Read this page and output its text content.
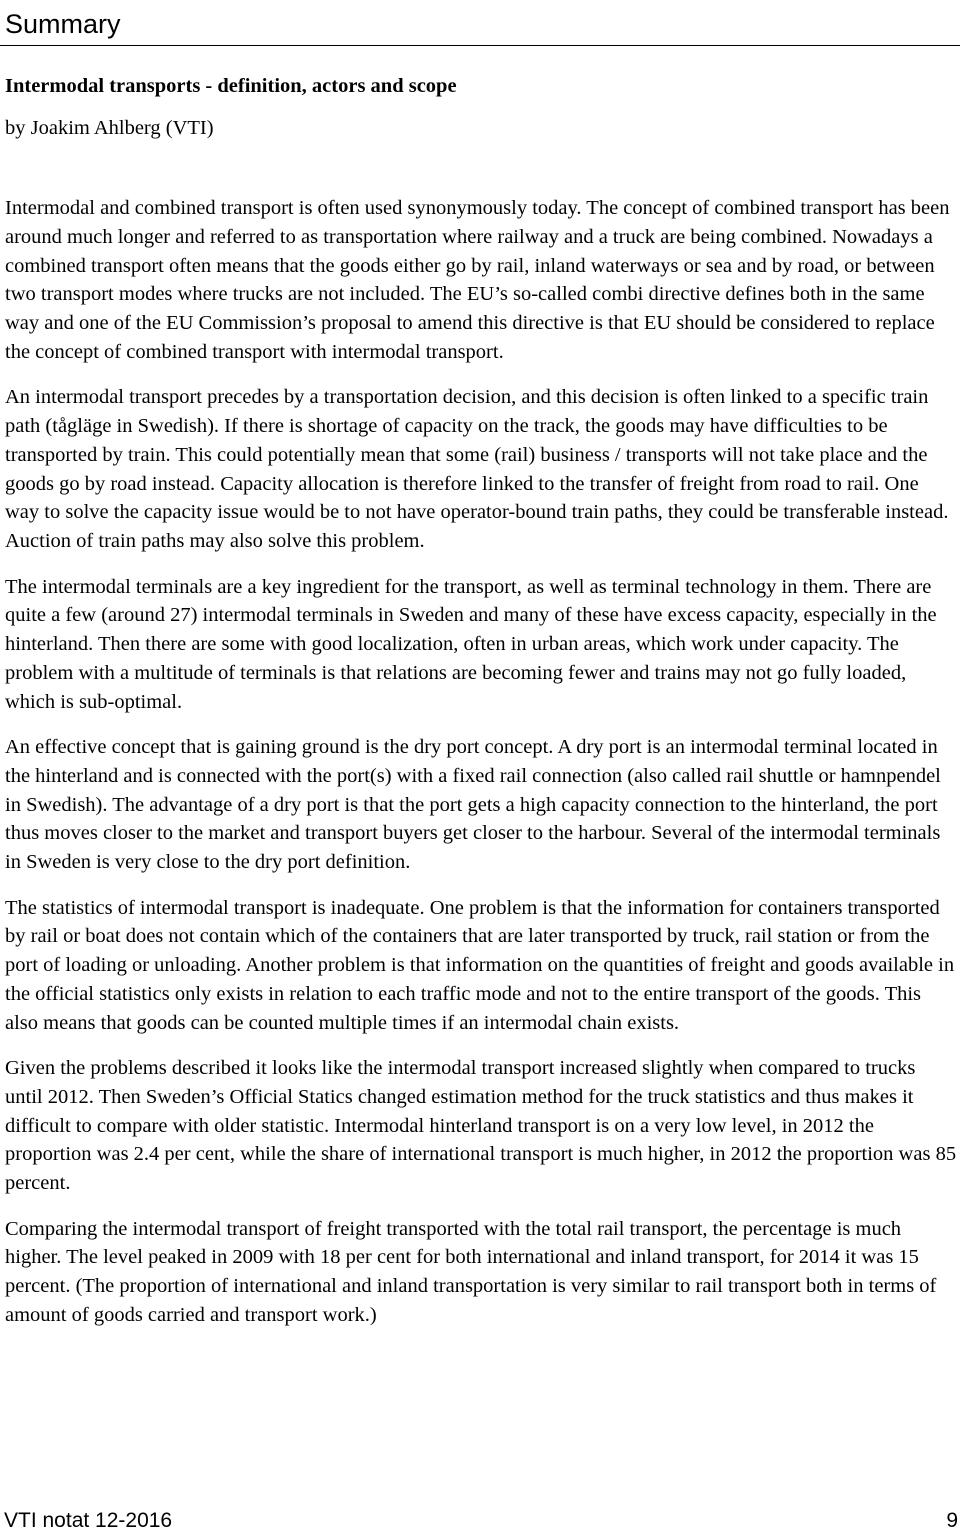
Summary
Intermodal transports - definition, actors and scope
by Joakim Ahlberg (VTI)

Intermodal and combined transport is often used synonymously today. The concept of combined transport has been around much longer and referred to as transportation where railway and a truck are being combined. Nowadays a combined transport often means that the goods either go by rail, inland waterways or sea and by road, or between two transport modes where trucks are not included. The EU’s so-called combi directive defines both in the same way and one of the EU Commission’s proposal to amend this directive is that EU should be considered to replace the concept of combined transport with intermodal transport.

An intermodal transport precedes by a transportation decision, and this decision is often linked to a specific train path (tågläge in Swedish). If there is shortage of capacity on the track, the goods may have difficulties to be transported by train. This could potentially mean that some (rail) business / transports will not take place and the goods go by road instead. Capacity allocation is therefore linked to the transfer of freight from road to rail. One way to solve the capacity issue would be to not have operator-bound train paths, they could be transferable instead. Auction of train paths may also solve this problem.

The intermodal terminals are a key ingredient for the transport, as well as terminal technology in them. There are quite a few (around 27) intermodal terminals in Sweden and many of these have excess capacity, especially in the hinterland. Then there are some with good localization, often in urban areas, which work under capacity. The problem with a multitude of terminals is that relations are becoming fewer and trains may not go fully loaded, which is sub-optimal.

An effective concept that is gaining ground is the dry port concept. A dry port is an intermodal terminal located in the hinterland and is connected with the port(s) with a fixed rail connection (also called rail shuttle or hamnpendel in Swedish). The advantage of a dry port is that the port gets a high capacity connection to the hinterland, the port thus moves closer to the market and transport buyers get closer to the harbour. Several of the intermodal terminals in Sweden is very close to the dry port definition.

The statistics of intermodal transport is inadequate. One problem is that the information for containers transported by rail or boat does not contain which of the containers that are later transported by truck, rail station or from the port of loading or unloading. Another problem is that information on the quantities of freight and goods available in the official statistics only exists in relation to each traffic mode and not to the entire transport of the goods. This also means that goods can be counted multiple times if an intermodal chain exists.

Given the problems described it looks like the intermodal transport increased slightly when compared to trucks until 2012. Then Sweden’s Official Statics changed estimation method for the truck statistics and thus makes it difficult to compare with older statistic. Intermodal hinterland transport is on a very low level, in 2012 the proportion was 2.4 per cent, while the share of international transport is much higher, in 2012 the proportion was 85 percent.

Comparing the intermodal transport of freight transported with the total rail transport, the percentage is much higher. The level peaked in 2009 with 18 per cent for both international and inland transport, for 2014 it was 15 percent. (The proportion of international and inland transportation is very similar to rail transport both in terms of amount of goods carried and transport work.)

VTI notat 12-2016	9
